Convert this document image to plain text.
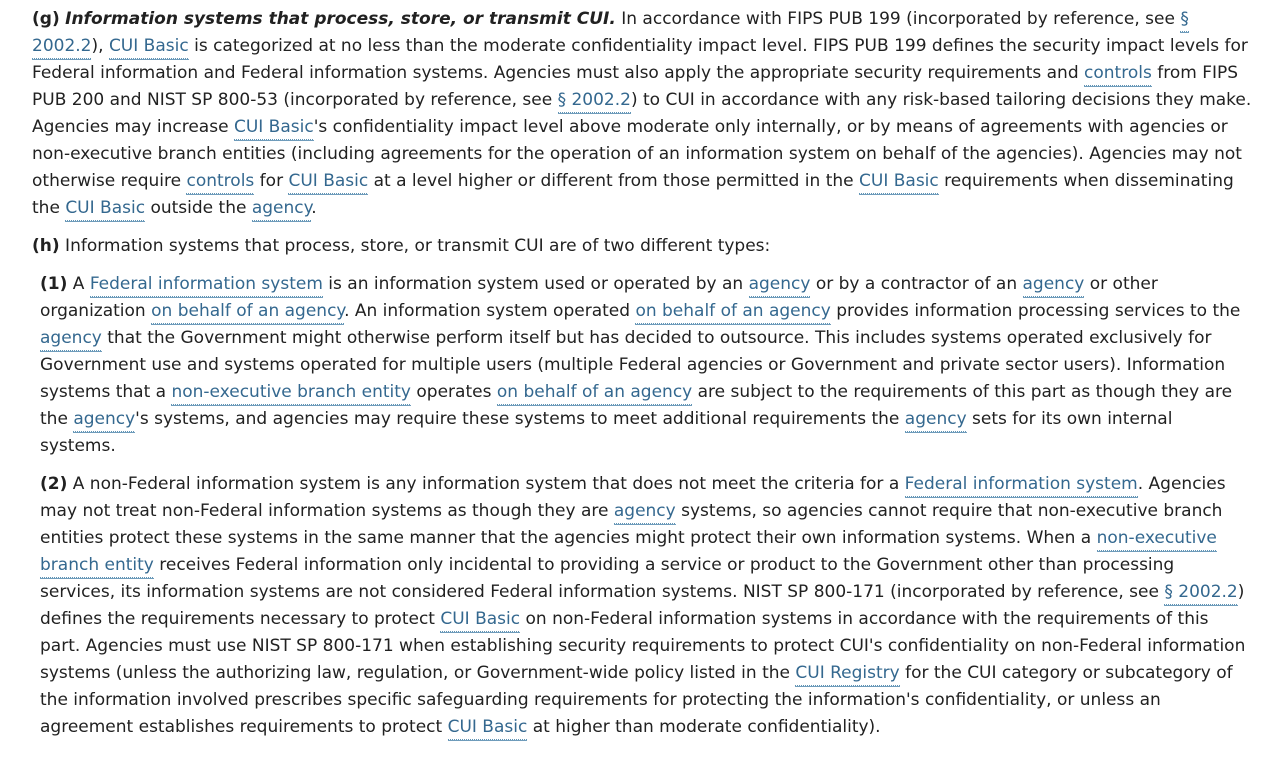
(g) Information systems that process, store, or transmit CUI. In accordance with FIPS PUB 199 (incorporated by reference, see § 2002.2), CUI Basic is categorized at no less than the moderate confidentiality impact level. FIPS PUB 199 defines the security impact levels for Federal information and Federal information systems. Agencies must also apply the appropriate security requirements and controls from FIPS PUB 200 and NIST SP 800-53 (incorporated by reference, see § 2002.2) to CUI in accordance with any risk-based tailoring decisions they make. Agencies may increase CUI Basic's confidentiality impact level above moderate only internally, or by means of agreements with agencies or non-executive branch entities (including agreements for the operation of an information system on behalf of the agencies). Agencies may not otherwise require controls for CUI Basic at a level higher or different from those permitted in the CUI Basic requirements when disseminating the CUI Basic outside the agency.

(h) Information systems that process, store, or transmit CUI are of two different types:

(1) A Federal information system is an information system used or operated by an agency or by a contractor of an agency or other organization on behalf of an agency. An information system operated on behalf of an agency provides information processing services to the agency that the Government might otherwise perform itself but has decided to outsource. This includes systems operated exclusively for Government use and systems operated for multiple users (multiple Federal agencies or Government and private sector users). Information systems that a non-executive branch entity operates on behalf of an agency are subject to the requirements of this part as though they are the agency's systems, and agencies may require these systems to meet additional requirements the agency sets for its own internal systems.

(2) A non-Federal information system is any information system that does not meet the criteria for a Federal information system. Agencies may not treat non-Federal information systems as though they are agency systems, so agencies cannot require that non-executive branch entities protect these systems in the same manner that the agencies might protect their own information systems. When a non-executive branch entity receives Federal information only incidental to providing a service or product to the Government other than processing services, its information systems are not considered Federal information systems. NIST SP 800-171 (incorporated by reference, see § 2002.2) defines the requirements necessary to protect CUI Basic on non-Federal information systems in accordance with the requirements of this part. Agencies must use NIST SP 800-171 when establishing security requirements to protect CUI's confidentiality on non-Federal information systems (unless the authorizing law, regulation, or Government-wide policy listed in the CUI Registry for the CUI category or subcategory of the information involved prescribes specific safeguarding requirements for protecting the information's confidentiality, or unless an agreement establishes requirements to protect CUI Basic at higher than moderate confidentiality).
